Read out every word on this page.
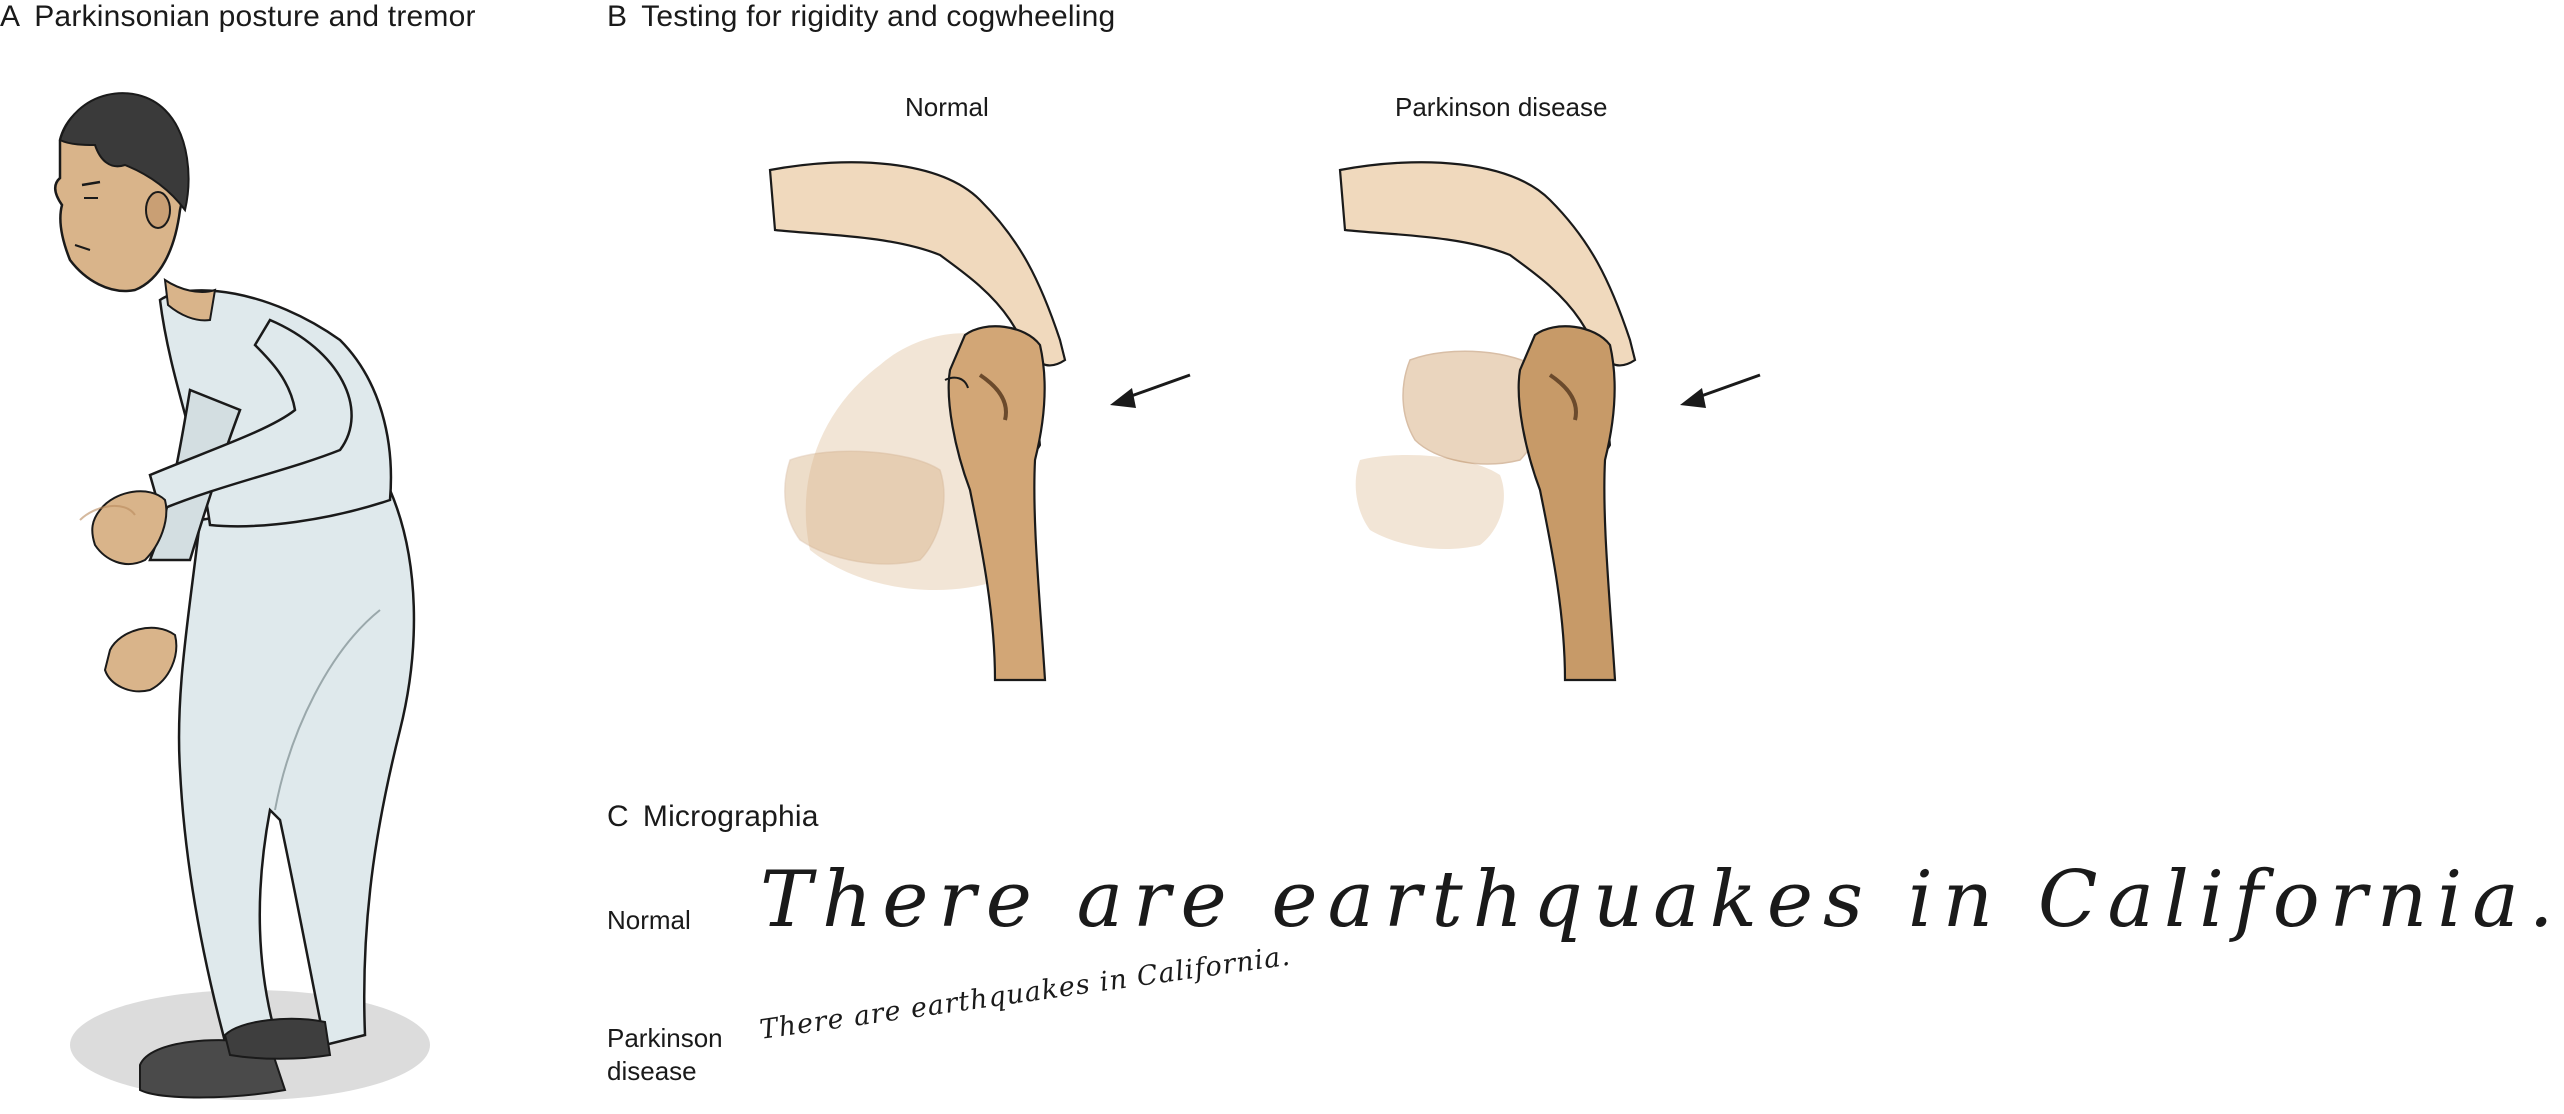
A Parkinsonian posture and tremor	B Testing for rigidity and cogwheeling
Normal	Parkinson disease
C Micrographia
Normal
Parkinson
disease
There are earthquakes in California.
There are earthquakes in California.
